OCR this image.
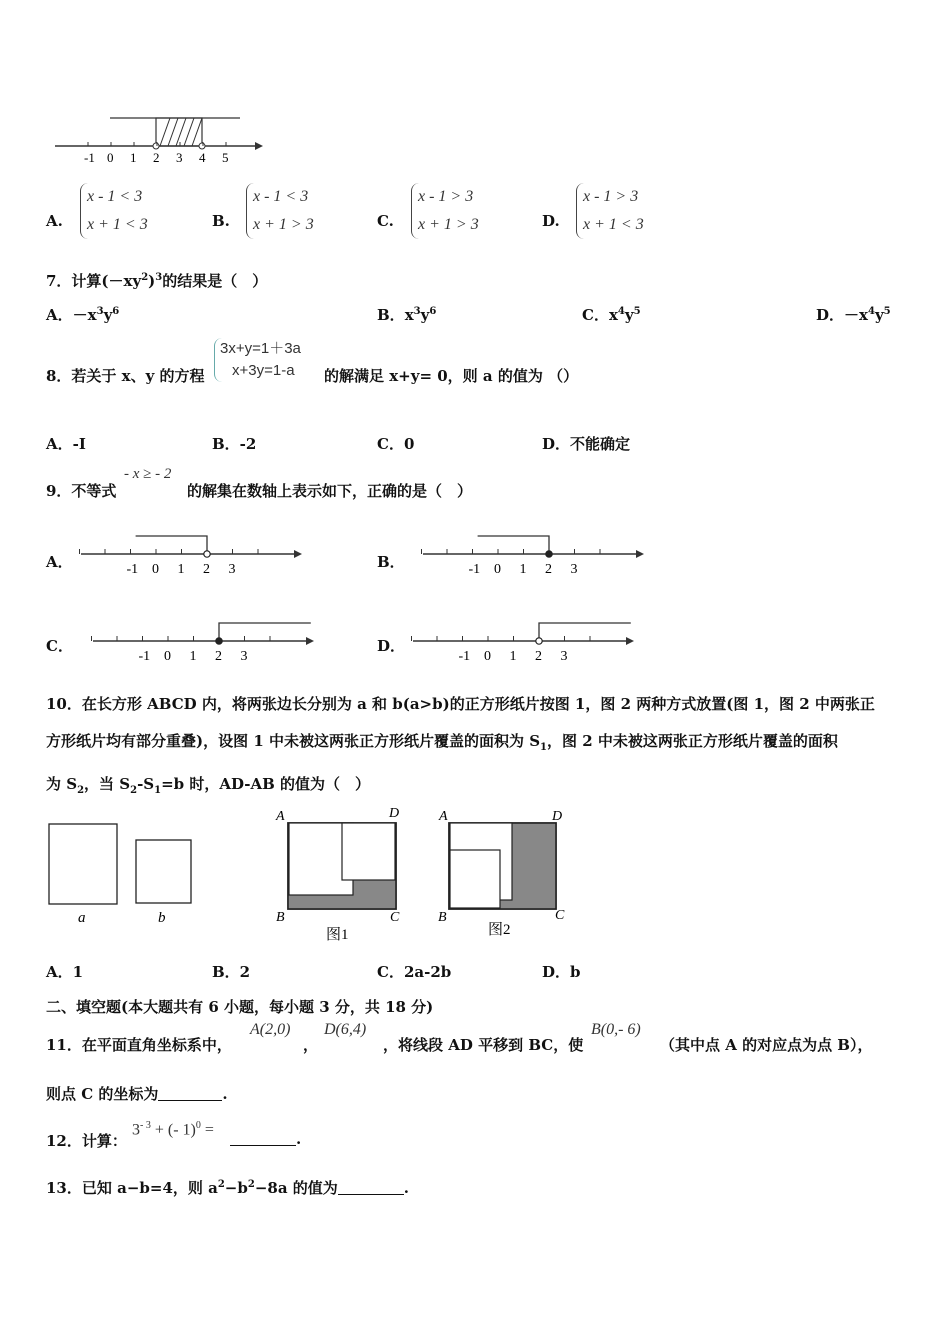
-1 0 1 2 3 4 5
A.
x - 1 < 3
x + 1 < 3	B.
x - 1 < 3
x + 1 > 3	C.
x - 1 > 3
x + 1 > 3	D.
x - 1 > 3
x + 1 < 3
7．计算$(-xy^2)^3$的结果是（　）
A．$-x^3y^6$	B．$x^3y^6$	C．$x^4y^5$	D．$-x^4y^5$
8．若关于 x、y 的方程
3x+y=1＋3a
x+3y=1-a	的解满足 x+y= 0，则 a 的值为 （）
A．-I	B．-2	C．0	D．不能确定
9．不等式
- x ≥ - 2
的解集在数轴上表示如下，正确的是（　）
A．	B．
C．	D．
-1 0 1 2 3	-1 0 1 2 3
-1 0 1 2 3	-1 0 1 2 3
10．在长方形 ABCD 内，将两张边长分别为 a 和 b(a>b)的正方形纸片按图 1，图 2 两种方式放置(图 1，图 2 中两张正
方形纸片均有部分重叠)，设图 1 中未被这两张正方形纸片覆盖的面积为 $S_1$，图 2 中未被这两张正方形纸片覆盖的面积
为 $S_2$，当 $S_2-S_1=b$ 时，AD-AB 的值为（　）
a	b
A	D
B	C
图1
A	D
B	C
图2
A．1	B．2	C．2a-2b	D．b
二、填空题(本大题共有 6 小题，每小题 3 分，共 18 分)
11．在平面直角坐标系中，
A(2,0)
，
D(6,4)
，将线段 AD 平移到 BC，使
B(0,- 6)
（其中点 A 的对应点为点 B），
则点 C 的坐标为	.
12．计算：
$3^{- 3}$ + (- 1)$^0$ =
.
13．已知 a−b=4，则 $a^2-b^2-8a$ 的值为	.
